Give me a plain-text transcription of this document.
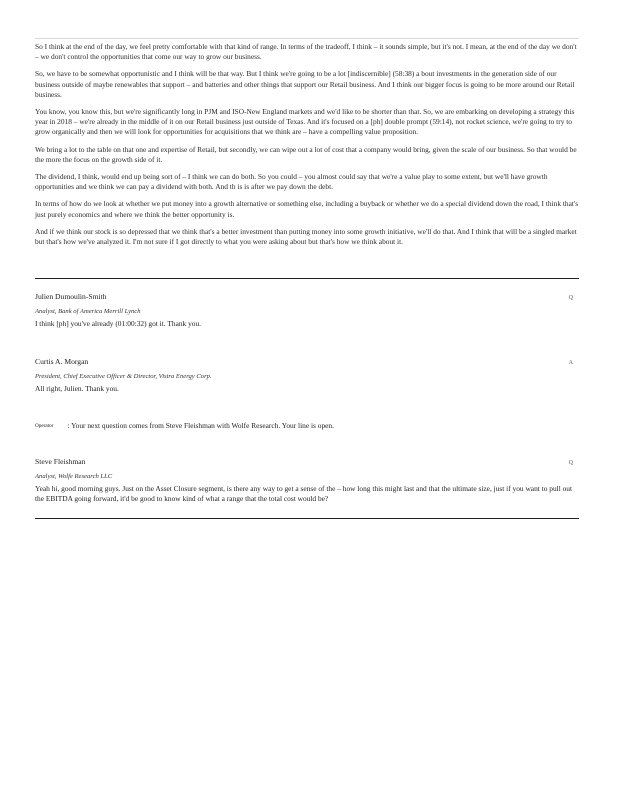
So I think at the end of the day, we feel pretty comfortable with that kind of range. In terms of the tradeoff, I think – it sounds simple, but it's not. I mean, at the end of the day we don't – we don't control the opportunities that come our way to grow our business.

So, we have to be somewhat opportunistic and I think will be that way. But I think we're going to be a lot [indiscernible] (58:38) a bout investments in the generation side of our business outside of maybe renewables that support – and batteries and other things that support our Retail business. And I think our bigger focus is going to be more around our Retail business.

You know, you know this, but we're significantly long in PJM and ISO-New England markets and we'd like to be shorter than that. So, we are embarking on developing a strategy this year in 2018 – we're already in the middle of it on our Retail business just outside of Texas. And it's focused on a [ph] double prompt (59:14), not rocket science, we're going to try to grow organically and then we will look for opportunities for acquisitions that we think are – have a compelling value proposition.

We bring a lot to the table on that one and expertise of Retail, but secondly, we can wipe out a lot of cost that a company would bring, given the scale of our business. So that would be the more the focus on the growth side of it.

The dividend, I think, would end up being sort of – I think we can do both. So you could – you almost could say that we're a value play to some extent, but we'll have growth opportunities and we think we can pay a dividend with both. And th is is after we pay down the debt.

In terms of how do we look at whether we put money into a growth alternative or something else, including a buyback or whether we do a special dividend down the road, I think that's just purely economics and where we think the better opportunity is.

And if we think our stock is so depressed that we think that's a better investment than putting money into some growth initiative, we'll do that. And I think that will be a singled market but that's how we've analyzed it. I'm not sure if I got directly to what you were asking about but that's how we think about it.

Julien Dumoulin-Smith	Q
Analyst, Bank of America Merrill Lynch
I think [ph] you've already (01:00:32) got it. Thank you.
Curtis A. Morgan	A
President, Chief Executive Officer & Director, Vistra Energy Corp.
All right, Julien. Thank you.
Operator : Your next question comes from Steve Fleishman with Wolfe Research. Your line is open.
Steve Fleishman	Q
Analyst, Wolfe Research LLC
Yeah hi, good morning guys. Just on the Asset Closure segment, is there any way to get a sense of the – how long this might last and that the ultimate size, just if you want to pull out the EBITDA going forward, it'd be good to know kind of what a range that the total cost would be?
